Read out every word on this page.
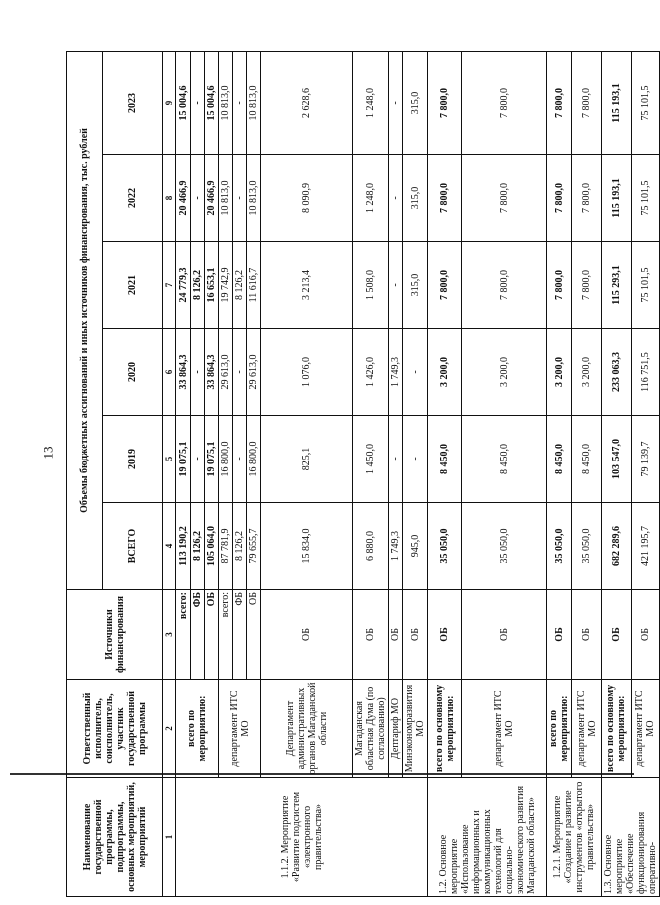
13
Наименование государственной программы, подпрограммы, основных мероприятий, мероприятий	Ответственный исполнитель, соисполнитель, участник государственной программы	Источники финансирования	Объемы бюджетных ассигнований и иных источников финансирования, тыс. рублей					
			ВСЕГО	2019	2020	2021	2022	2023
1	2	3	4	5	6	7	8	9
1.1.2. Мероприятие «Развитие подсистем «электронного правительства»	всего по мероприятию:	всего:	113 190,2	19 075,1	33 864,3	24 779,3	20 466,9	15 004,6
		ФБ	8 126,2	-	-	8 126,2	-	-
		ОБ	105 064,0	19 075,1	33 864,3	16 653,1	20 466,9	15 004,6
	департамент ИТС МО	всего:	87 781,9	16 800,0	29 613,0	19 742,9	10 813,0	10 813,0
		ФБ	8 126,2	-	-	8 126,2	-	-
		ОБ	79 655,7	16 800,0	29 613,0	11 616,7	10 813,0	10 813,0
	Департамент административных органов Магаданской области	ОБ	15 834,0	825,1	1 076,0	3 213,4	8 090,9	2 628,6
	Магаданская областная Дума (по согласованию)	ОБ	6 880,0	1 450,0	1 426,0	1 508,0	1 248,0	1 248,0
	Дептариф МО	ОБ	1 749,3	-	1 749,3	-	-	-
	Минэкономразвития МО	ОБ	945,0	-	-	315,0	315,0	315,0
1.2. Основное мероприятие «Использование информационных и коммуникационных технологий для социально-экономического развития Магаданской области»	всего по основному мероприятию:	ОБ	35 050,0	8 450,0	3 200,0	7 800,0	7 800,0	7 800,0
	департамент ИТС МО	ОБ	35 050,0	8 450,0	3 200,0	7 800,0	7 800,0	7 800,0
1.2.1. Мероприятие «Создание и развитие инструментов «открытого правительства»	всего по мероприятию:	ОБ	35 050,0	8 450,0	3 200,0	7 800,0	7 800,0	7 800,0
	департамент ИТС МО	ОБ	35 050,0	8 450,0	3 200,0	7 800,0	7 800,0	7 800,0
1.3. Основное мероприятие «Обеспечение функционирования оперативно-	всего по основному мероприятию:	ОБ	682 289,6	103 547,0	233 063,3	115 293,1	115 193,1	115 193,1
	департамент ИТС МО	ОБ	421 195,7	79 139,7	116 751,5	75 101,5	75 101,5	75 101,5
